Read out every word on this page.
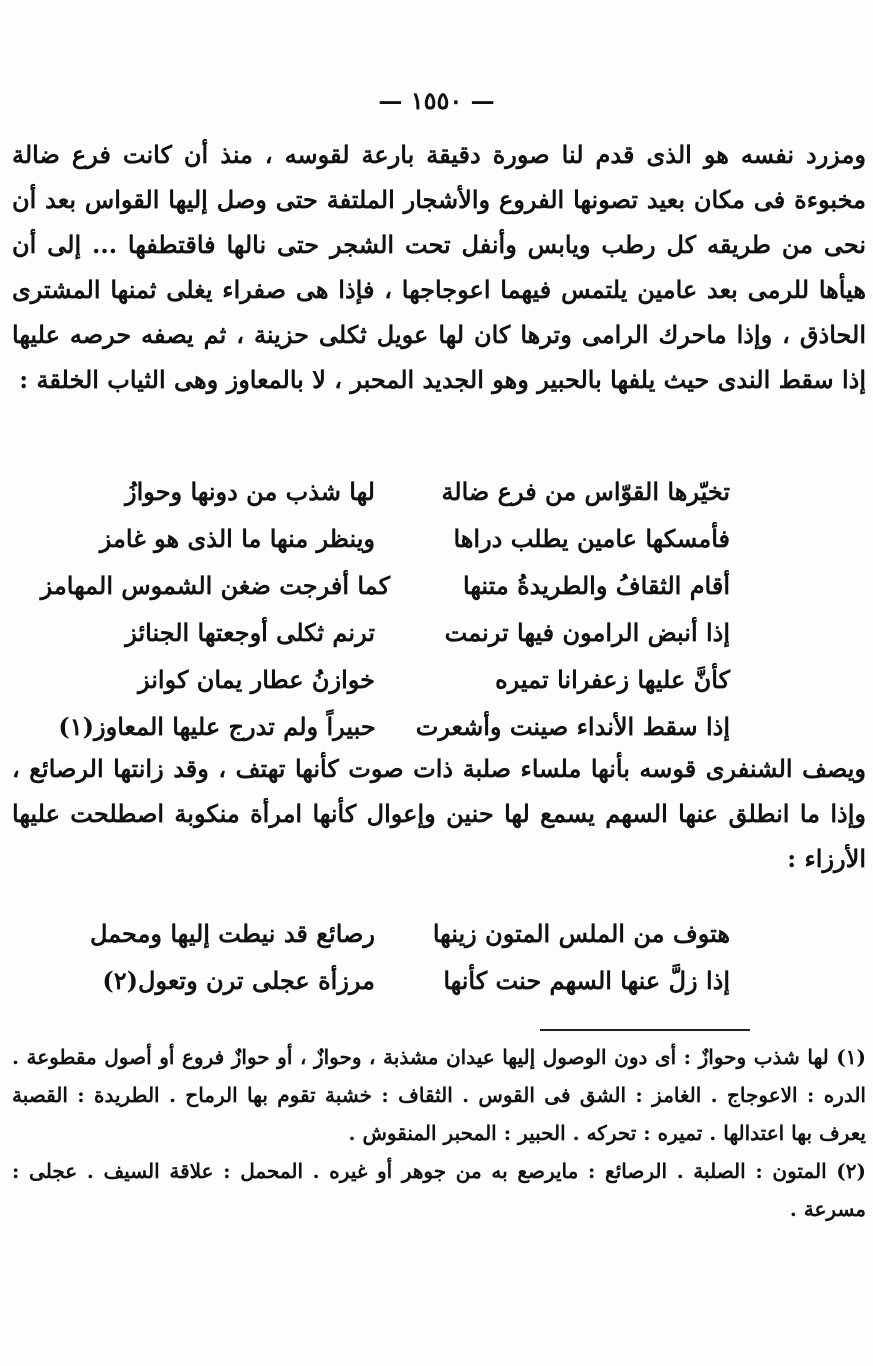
— ١٥٥٠ —

ومزرد نفسه هو الذى قدم لنا صورة دقيقة بارعة لقوسه ، منذ أن كانت فرع ضالة مخبوءة فى مكان بعيد تصونها الفروع والأشجار الملتفة حتى وصل إليها القواس بعد أن نحى من طريقه كل رطب ويابس وأنفل تحت الشجر حتى نالها فاقتطفها ... إلى أن هيأها للرمى بعد عامين يلتمس فيهما اعوجاجها ، فإذا هى صفراء يغلى ثمنها المشترى الحاذق ، وإذا ماحرك الرامى وترها كان لها عويل ثكلى حزينة ، ثم يصفه حرصه عليها إذا سقط الندى حيث يلفها بالحبير وهو الجديد المحبر ، لا بالمعاوز وهى الثياب الخلقة :

تخيّرها القوّاس من فرع ضالة
لها شذب من دونها وحوازُ
فأمسكها عامين يطلب دراها
وينظر منها ما الذى هو غامز
أقام الثقافُ والطريدةُ متنها
كما أفرجت ضغن الشموس المهامز
إذا أنبض الرامون فيها ترنمت
ترنم ثكلى أوجعتها الجنائز
كأنَّ عليها زعفرانا تميره
خوازنُ عطار يمان كوانز
إذا سقط الأنداء صينت وأشعرت
حبيراً ولم تدرج عليها المعاوز(١)

ويصف الشنفرى قوسه بأنها ملساء صلبة ذات صوت كأنها تهتف ، وقد زانتها الرصائع ، وإذا ما انطلق عنها السهم يسمع لها حنين وإعوال كأنها امرأة منكوبة اصطلحت عليها الأرزاء :

هتوف من الملس المتون زينها
رصائع قد نيطت إليها ومحمل
إذا زلَّ عنها السهم حنت كأنها
مرزأة عجلى ترن وتعول(٢)

(١) لها شذب وحوازٌ : أى دون الوصول إليها عيدان مشذبة ، وحوازٌ ، أو حوازٌ فروع أو أصول مقطوعة . الدره : الاعوجاج . الغامز : الشق فى القوس . الثقاف : خشبة تقوم بها الرماح . الطريدة : القصبة يعرف بها اعتدالها . تميره : تحركه . الحبير : المحبر المنقوش .

(٢) المتون : الصلبة . الرصائع : مايرصع به من جوهر أو غيره . المحمل : علاقة السيف . عجلى : مسرعة .
